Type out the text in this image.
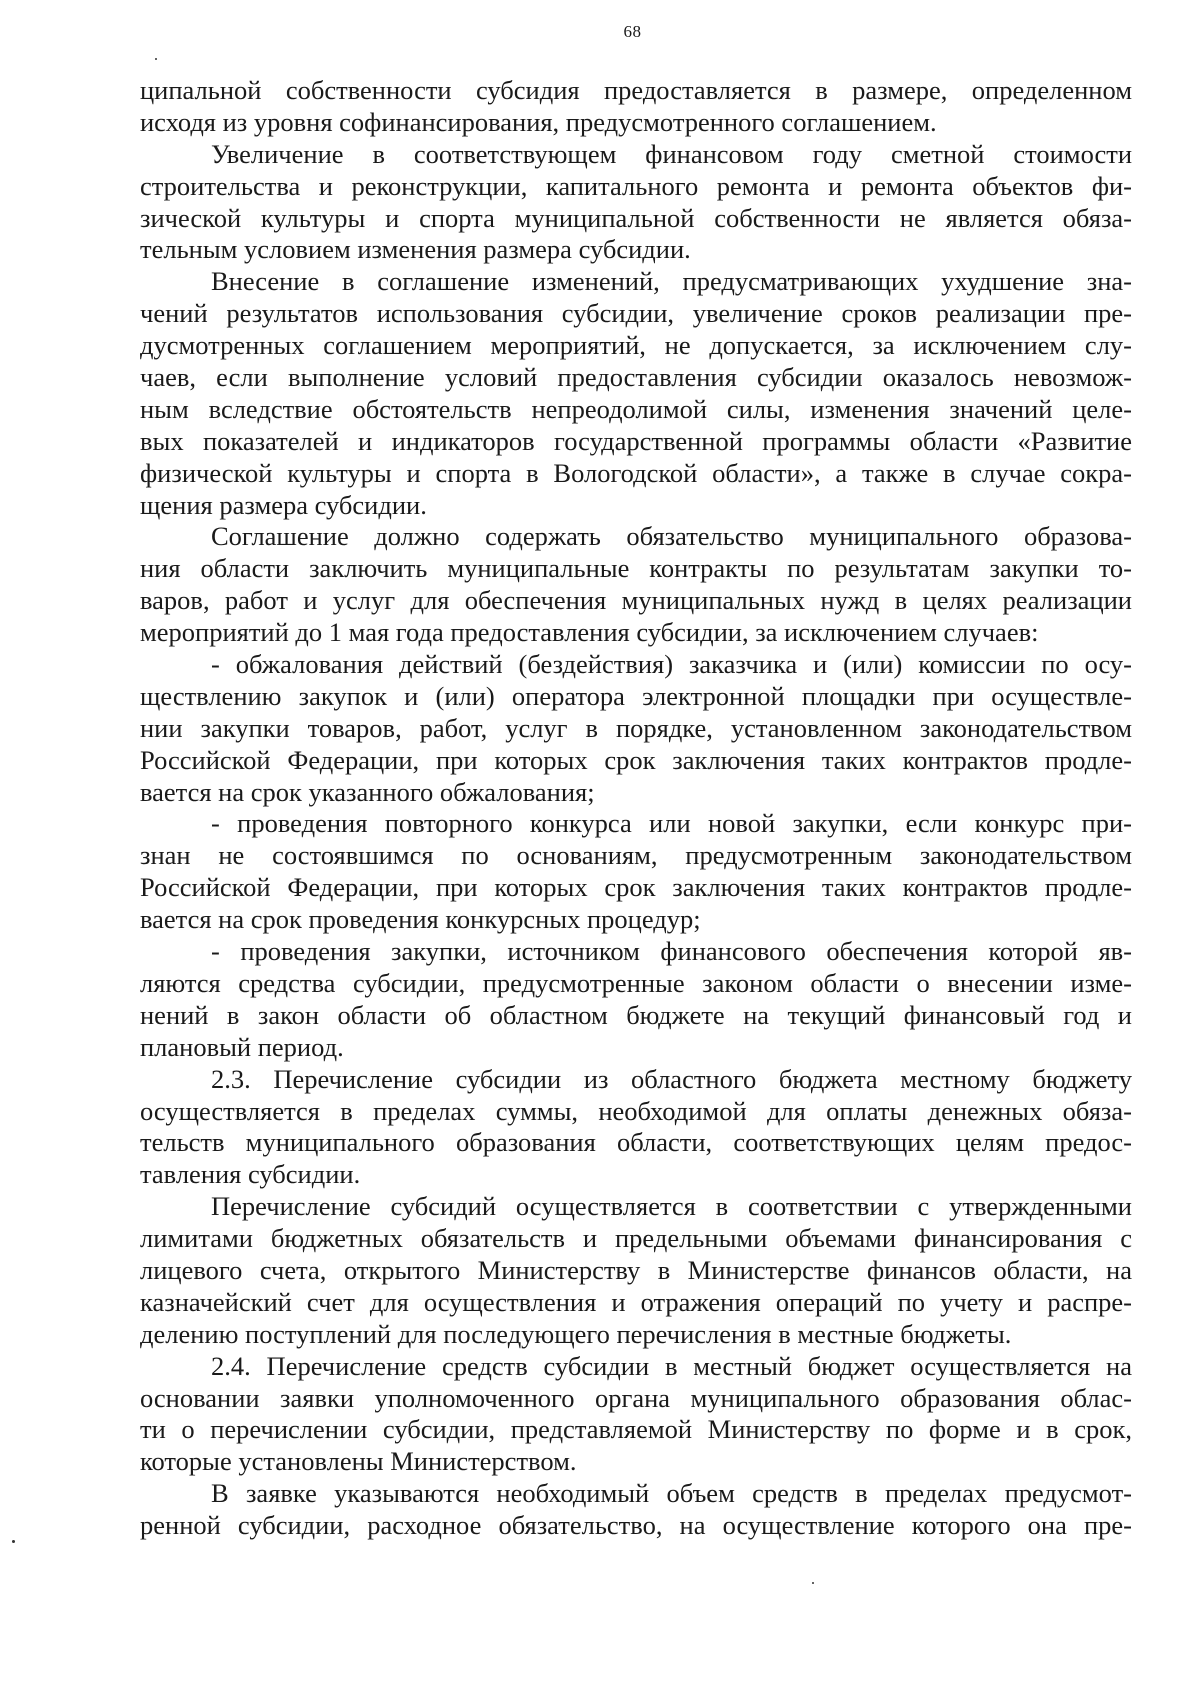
68
ципальной собственности субсидия предоставляется в размере, определенном
исходя из уровня софинансирования, предусмотренного соглашением.
Увеличение в соответствующем финансовом году сметной стоимости
строительства и реконструкции, капитального ремонта и ремонта объектов фи-
зической культуры и спорта муниципальной собственности не является обяза-
тельным условием изменения размера субсидии.
Внесение в соглашение изменений, предусматривающих ухудшение зна-
чений результатов использования субсидии, увеличение сроков реализации пре-
дусмотренных соглашением мероприятий, не допускается, за исключением слу-
чаев, если выполнение условий предоставления субсидии оказалось невозмож-
ным вследствие обстоятельств непреодолимой силы, изменения значений целе-
вых показателей и индикаторов государственной программы области «Развитие
физической культуры и спорта в Вологодской области», а также в случае сокра-
щения размера субсидии.
Соглашение должно содержать обязательство муниципального образова-
ния области заключить муниципальные контракты по результатам закупки то-
варов, работ и услуг для обеспечения муниципальных нужд в целях реализации
мероприятий до 1 мая года предоставления субсидии, за исключением случаев:
- обжалования действий (бездействия) заказчика и (или) комиссии по осу-
ществлению закупок и (или) оператора электронной площадки при осуществле-
нии закупки товаров, работ, услуг в порядке, установленном законодательством
Российской Федерации, при которых срок заключения таких контрактов продле-
вается на срок указанного обжалования;
- проведения повторного конкурса или новой закупки, если конкурс при-
знан не состоявшимся по основаниям, предусмотренным законодательством
Российской Федерации, при которых срок заключения таких контрактов продле-
вается на срок проведения конкурсных процедур;
- проведения закупки, источником финансового обеспечения которой яв-
ляются средства субсидии, предусмотренные законом области о внесении изме-
нений в закон области об областном бюджете на текущий финансовый год и
плановый период.
2.3. Перечисление субсидии из областного бюджета местному бюджету
осуществляется в пределах суммы, необходимой для оплаты денежных обяза-
тельств муниципального образования области, соответствующих целям предос-
тавления субсидии.
Перечисление субсидий осуществляется в соответствии с утвержденными
лимитами бюджетных обязательств и предельными объемами финансирования с
лицевого счета, открытого Министерству в Министерстве финансов области, на
казначейский счет для осуществления и отражения операций по учету и распре-
делению поступлений для последующего перечисления в местные бюджеты.
2.4. Перечисление средств субсидии в местный бюджет осуществляется на
основании заявки уполномоченного органа муниципального образования облас-
ти о перечислении субсидии, представляемой Министерству по форме и в срок,
которые установлены Министерством.
В заявке указываются необходимый объем средств в пределах предусмот-
ренной субсидии, расходное обязательство, на осуществление которого она пре-
